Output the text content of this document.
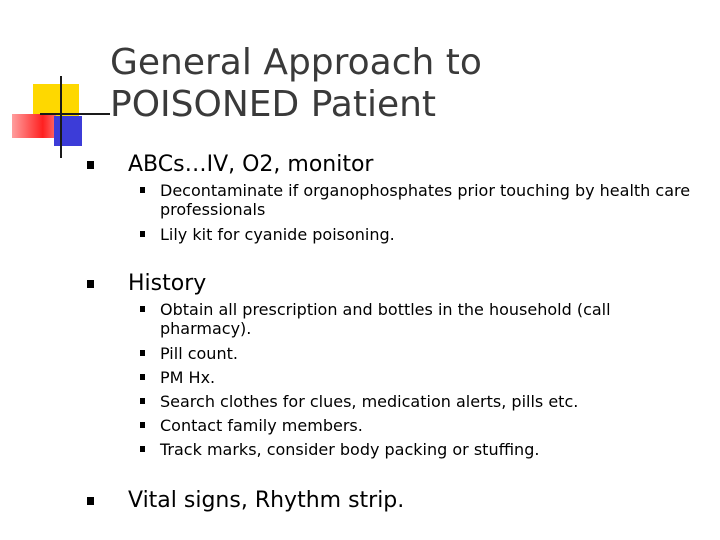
General Approach to
POISONED Patient
ABCs…IV, O2, monitor
Decontaminate if organophosphates prior touching by health care professionals
Lily kit for cyanide poisoning.
History
Obtain all prescription and bottles in the household (call pharmacy).
Pill count.
PM Hx.
Search clothes for clues, medication alerts, pills etc.
Contact family members.
Track marks, consider body packing or stuffing.
Vital signs, Rhythm strip.
